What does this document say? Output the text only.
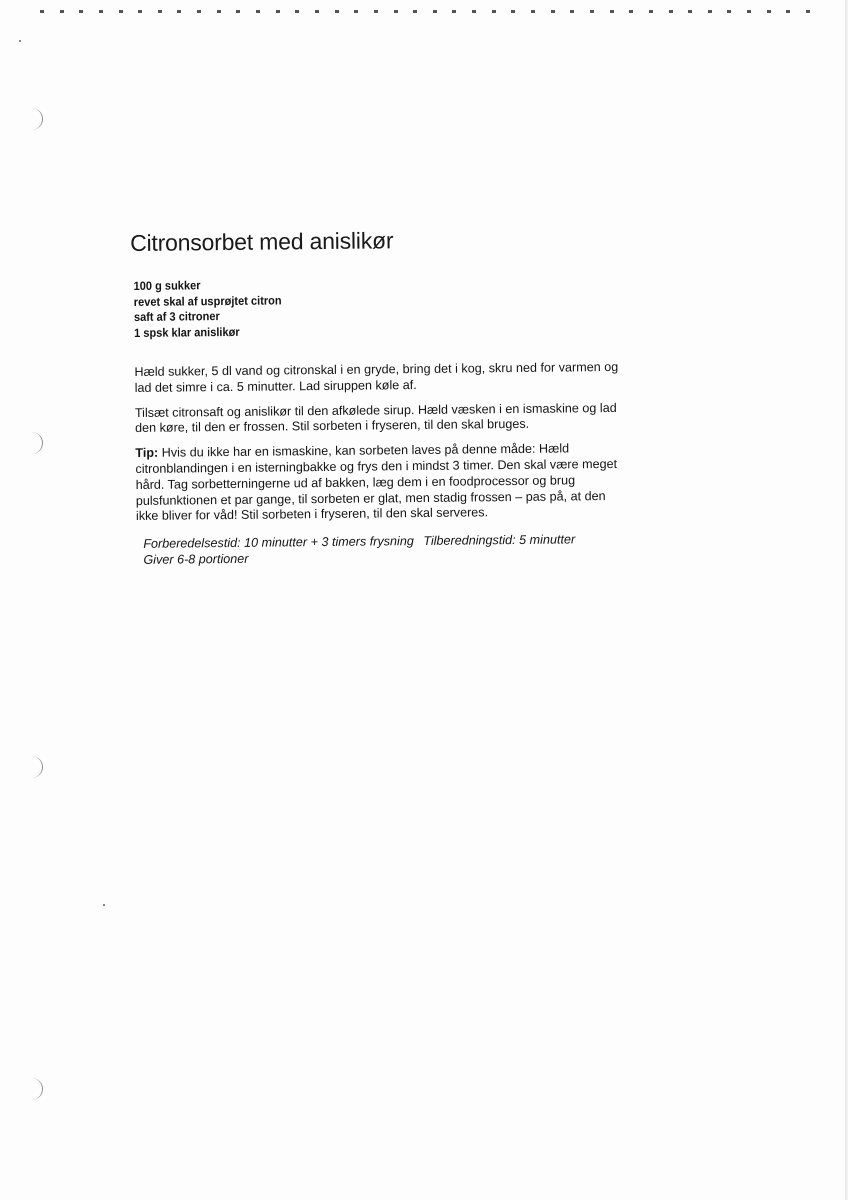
Citronsorbet med anislikør
100 g sukker
revet skal af usprøjtet citron
saft af 3 citroner
1 spsk klar anislikør

Hæld sukker, 5 dl vand og citronskal i en gryde, bring det i kog, skru ned for varmen og lad det simre i ca. 5 minutter. Lad siruppen køle af.

Tilsæt citronsaft og anislikør til den afkølede sirup. Hæld væsken i en ismaskine og lad den køre, til den er frossen. Stil sorbeten i fryseren, til den skal bruges.

Tip: Hvis du ikke har en ismaskine, kan sorbeten laves på denne måde: Hæld citronblandingen i en isterningbakke og frys den i mindst 3 timer. Den skal være meget hård. Tag sorbetterningerne ud af bakken, læg dem i en foodprocessor og brug pulsfunktionen et par gange, til sorbeten er glat, men stadig frossen – pas på, at den ikke bliver for våd! Stil sorbeten i fryseren, til den skal serveres.

Forberedelsestid: 10 minutter + 3 timers frysning Tilberedningstid: 5 minutter
Giver 6-8 portioner
